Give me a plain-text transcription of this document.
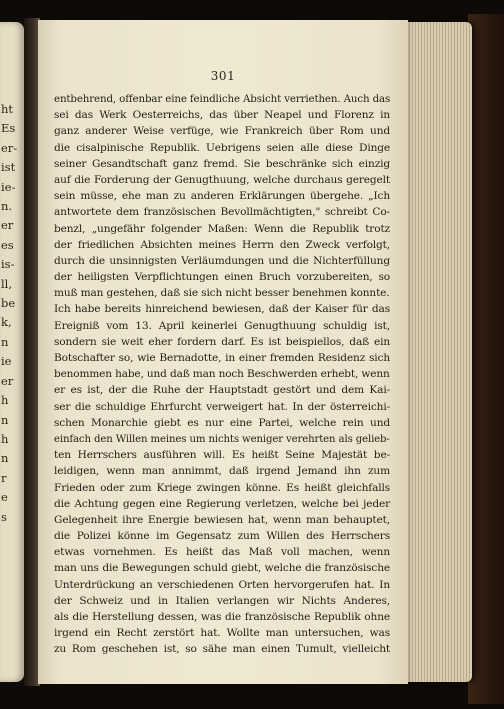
ht
Es
er-
ist
ie-
n.
er
es
is-
ll,
be
k,
n
ie
er
h
n
h
n
r
e
s
301
entbehrend, offenbar eine feindliche Absicht verriethen. Auch das
sei das Werk Oesterreichs, das über Neapel und Florenz in
ganz anderer Weise verfüge, wie Frankreich über Rom und
die cisalpinische Republik. Uebrigens seien alle diese Dinge
seiner Gesandtschaft ganz fremd. Sie beschränke sich einzig
auf die Forderung der Genugthuung, welche durchaus geregelt
sein müsse, ehe man zu anderen Erklärungen übergehe. „Ich
antwortete dem französischen Bevollmächtigten," schreibt Co-
benzl, „ungefähr folgender Maßen: Wenn die Republik trotz
der friedlichen Absichten meines Herrn den Zweck verfolgt,
durch die unsinnigsten Verläumdungen und die Nichterfüllung
der heiligsten Verpflichtungen einen Bruch vorzubereiten, so
muß man gestehen, daß sie sich nicht besser benehmen konnte.
Ich habe bereits hinreichend bewiesen, daß der Kaiser für das
Ereigniß vom 13. April keinerlei Genugthuung schuldig ist,
sondern sie weit eher fordern darf. Es ist beispiellos, daß ein
Botschafter so, wie Bernadotte, in einer fremden Residenz sich
benommen habe, und daß man noch Beschwerden erhebt, wenn
er es ist, der die Ruhe der Hauptstadt gestört und dem Kai-
ser die schuldige Ehrfurcht verweigert hat. In der österreichi-
schen Monarchie giebt es nur eine Partei, welche rein und
einfach den Willen meines um nichts weniger verehrten als gelieb-
ten Herrschers ausführen will. Es heißt Seine Majestät be-
leidigen, wenn man annimmt, daß irgend Jemand ihn zum
Frieden oder zum Kriege zwingen könne. Es heißt gleichfalls
die Achtung gegen eine Regierung verletzen, welche bei jeder
Gelegenheit ihre Energie bewiesen hat, wenn man behauptet,
die Polizei könne im Gegensatz zum Willen des Herrschers
etwas vornehmen. Es heißt das Maß voll machen, wenn
man uns die Bewegungen schuld giebt, welche die französische
Unterdrückung an verschiedenen Orten hervorgerufen hat. In
der Schweiz und in Italien verlangen wir Nichts Anderes,
als die Herstellung dessen, was die französische Republik ohne
irgend ein Recht zerstört hat. Wollte man untersuchen, was
zu Rom geschehen ist, so sähe man einen Tumult, vielleicht
